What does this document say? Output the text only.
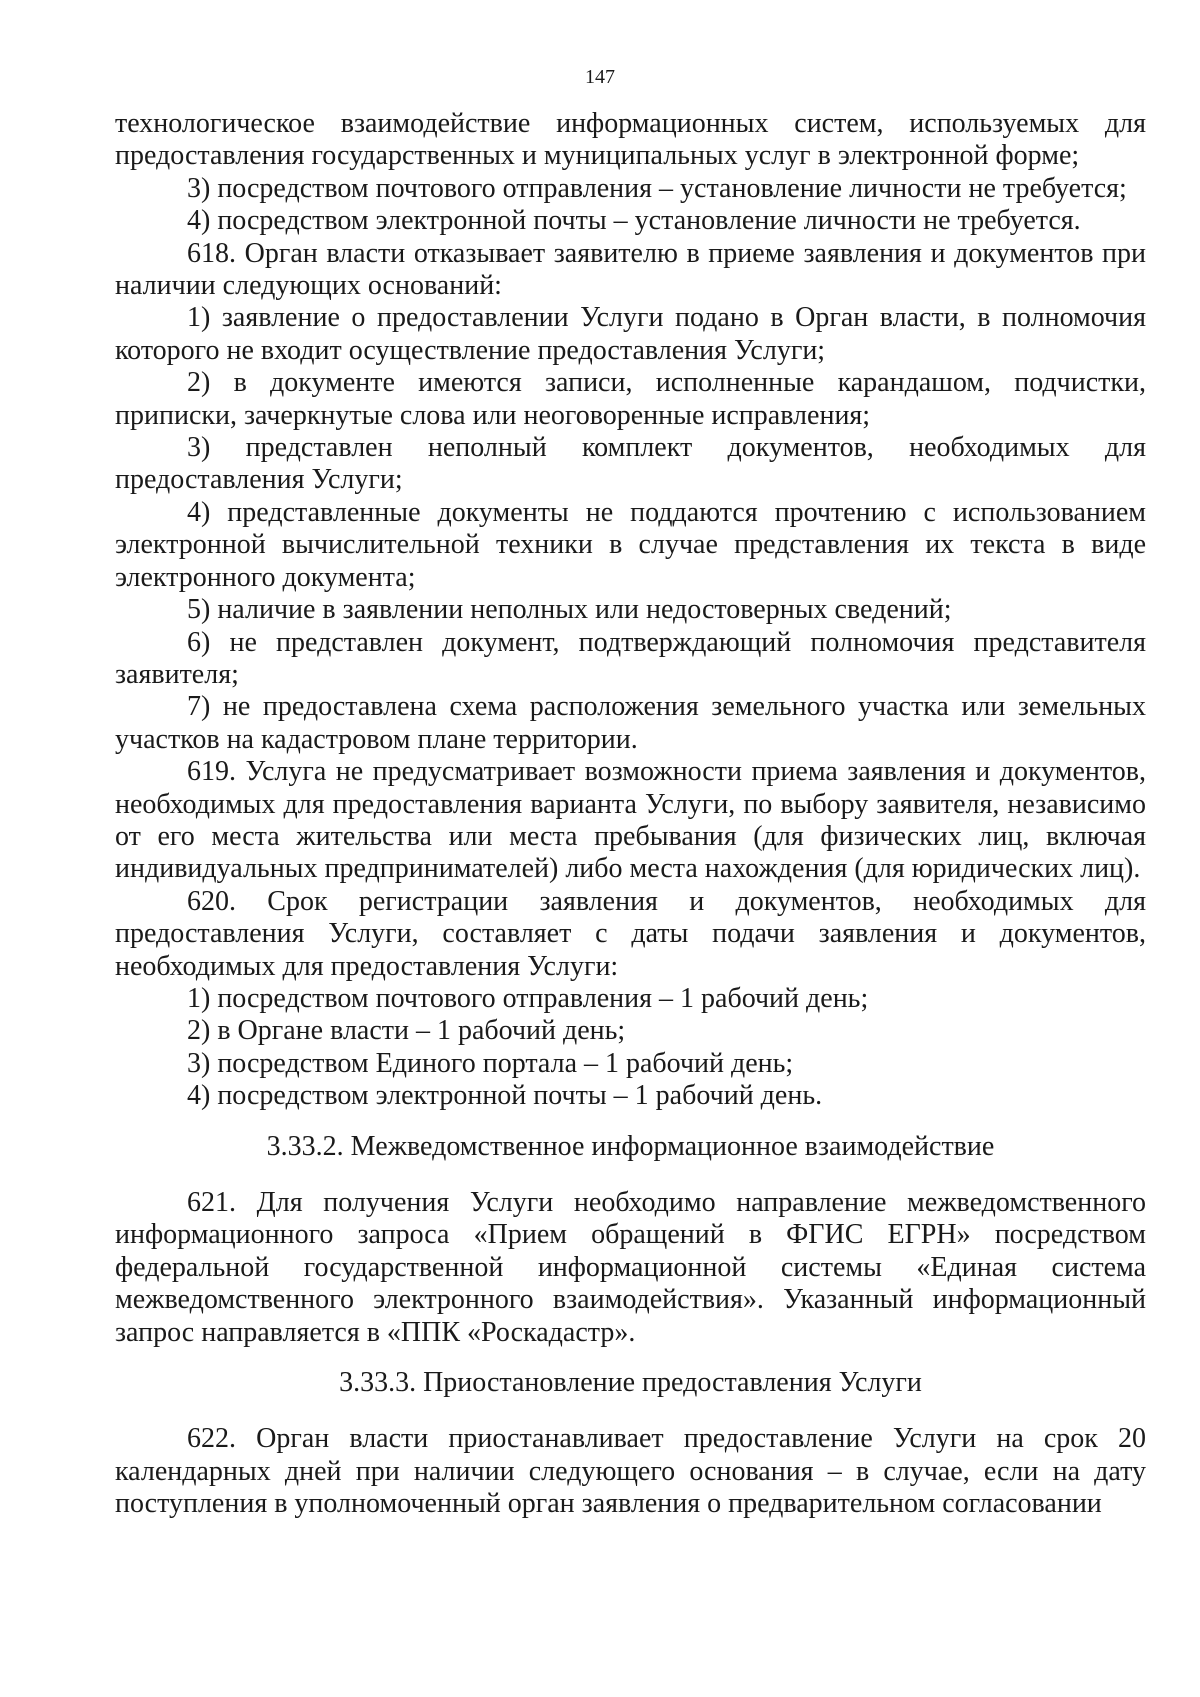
147

технологическое взаимодействие информационных систем, используемых для предоставления государственных и муниципальных услуг в электронной форме;

3) посредством почтового отправления – установление личности не требуется;

4) посредством электронной почты – установление личности не требуется.

618. Орган власти отказывает заявителю в приеме заявления и документов при наличии следующих оснований:

1) заявление о предоставлении Услуги подано в Орган власти, в полномочия которого не входит осуществление предоставления Услуги;

2) в документе имеются записи, исполненные карандашом, подчистки, приписки, зачеркнутые слова или неоговоренные исправления;

3) представлен неполный комплект документов, необходимых для предоставления Услуги;

4) представленные документы не поддаются прочтению с использованием электронной вычислительной техники в случае представления их текста в виде электронного документа;

5) наличие в заявлении неполных или недостоверных сведений;

6) не представлен документ, подтверждающий полномочия представителя заявителя;

7) не предоставлена схема расположения земельного участка или земельных участков на кадастровом плане территории.

619. Услуга не предусматривает возможности приема заявления и документов, необходимых для предоставления варианта Услуги, по выбору заявителя, независимо от его места жительства или места пребывания (для физических лиц, включая индивидуальных предпринимателей) либо места нахождения (для юридических лиц).

620. Срок регистрации заявления и документов, необходимых для предоставления Услуги, составляет с даты подачи заявления и документов, необходимых для предоставления Услуги:

1) посредством почтового отправления – 1 рабочий день;

2) в Органе власти – 1 рабочий день;

3) посредством Единого портала – 1 рабочий день;

4) посредством электронной почты – 1 рабочий день.

3.33.2. Межведомственное информационное взаимодействие

621. Для получения Услуги необходимо направление межведомственного информационного запроса «Прием обращений в ФГИС ЕГРН» посредством федеральной государственной информационной системы «Единая система межведомственного электронного взаимодействия». Указанный информационный запрос направляется в «ППК «Роскадастр».

3.33.3. Приостановление предоставления Услуги

622. Орган власти приостанавливает предоставление Услуги на срок 20 календарных дней при наличии следующего основания – в случае, если на дату поступления в уполномоченный орган заявления о предварительном согласовании
